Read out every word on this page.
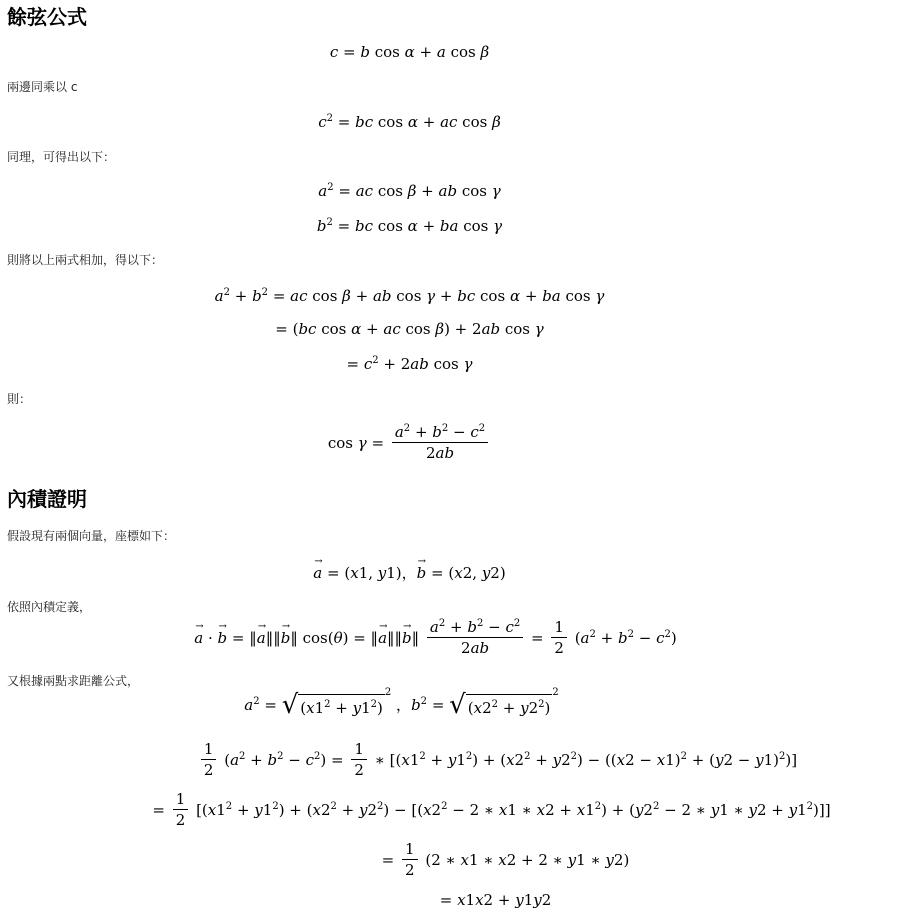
餘弦公式
c = b cos α + a cos β

兩邊同乘以 c

$c^2$ = bc cos α + ac cos β

同理，可得出以下：

$a^2$ = ac cos β + ab cos γ
$b^2$ = bc cos α + ba cos γ

則將以上兩式相加，得以下：

$a^2 + b^2$ = ac cos β + ab cos γ + bc cos α + ba cos γ
= (bc cos α + ac cos β) + 2ab cos γ
= $c^2 + 2ab$ cos γ

則：

$\cos \gamma = \frac{a^2 + b^2 - c^2}{2ab}$
內積證明

假設現有兩個向量，座標如下：

→ a = (x1, y1)，→ b = (x2, y2)

依照內積定義，

→ a · → b = ‖→ a‖‖→ b‖ cos(θ) = ‖→ a‖‖→ b‖ $\frac{a^2 + b^2 - c^2}{2ab} = \frac{1}{2} (a^2 + b^2 - c^2)$

又根據兩點求距離公式，

$a^2$ = √ $(x1^2 + y1^2)^2$ ，$b^2$ = √ $(x2^2 + y2^2)^2$
$\frac{1}{2} (a^2 + b^2 - c^2) = \frac{1}{2}$ ∗ $[(x1^2 + y1^2) + (x2^2 + y2^2) - ((x2 - x1)^2 + (y2 - y1)^2)]$
= $\frac{1}{2} [(x1^2 + y1^2) + (x2^2 + y2^2) - [(x2^2 - 2$ ∗ x1 ∗ $x2 + x1^2) + (y2^2 - 2$ ∗ y1 ∗ $y2 + y1^2$)]]
= $\frac{1}{2} (2$ ∗ x1 ∗ x2 + 2 ∗ y1 ∗ y2)
= x1x2 + y1y2
